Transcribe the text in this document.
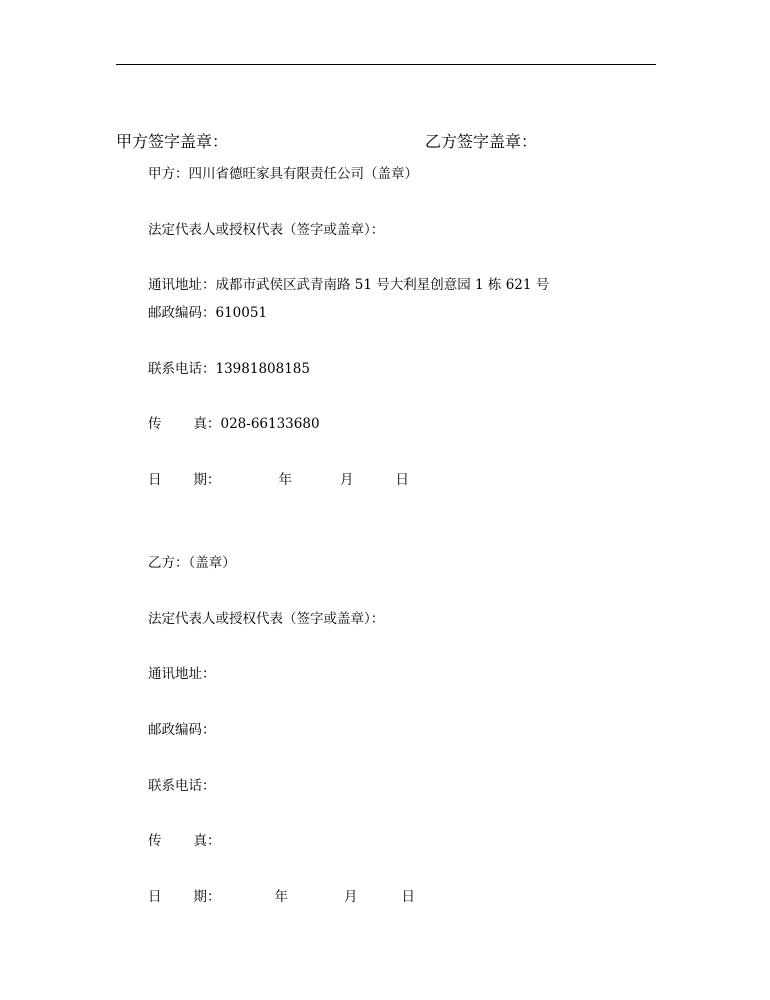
甲方签字盖章：	乙方签字盖章：
甲方：四川省德旺家具有限责任公司（盖章）
法定代表人或授权代表（签字或盖章）：
通讯地址：成都市武侯区武青南路 51 号大利星创意园 1 栋 621 号
邮政编码：610051
联系电话：13981808185
传 真：028-66133680
日 期：	年	月	日
乙方：（盖章）
法定代表人或授权代表（签字或盖章）：
通讯地址：
邮政编码：
联系电话：
传 真：
日 期：	年	月	日
